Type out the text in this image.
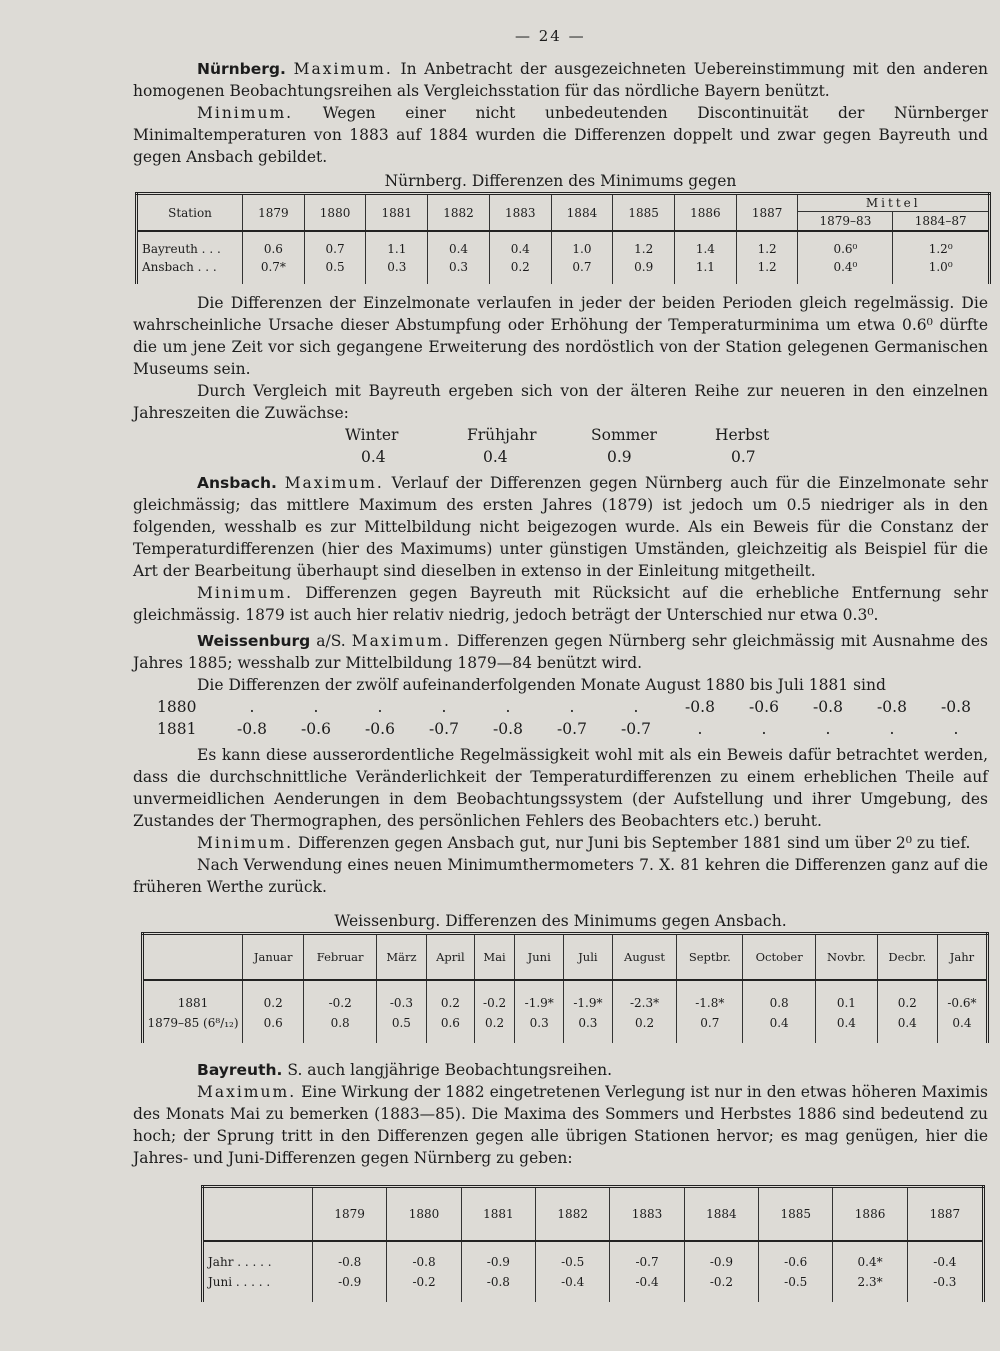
— 24 —

Nürnberg. Maximum. In Anbetracht der ausgezeichneten Uebereinstimmung mit den anderen homogenen Beobachtungsreihen als Vergleichsstation für das nördliche Bayern benützt.

Minimum. Wegen einer nicht unbedeutenden Discontinuität der Nürnberger Minimaltemperaturen von 1883 auf 1884 wurden die Differenzen doppelt und zwar gegen Bayreuth und gegen Ansbach gebildet.

Nürnberg. Differenzen des Minimums gegen
Station	1879	1880	1881	1882	1883	1884	1885	1886	1887	Mittel	
										1879–83	1884–87
Bayreuth . . .	0.6	0.7	1.1	0.4	0.4	1.0	1.2	1.4	1.2	0.6⁰	1.2⁰
Ansbach . . .	0.7*	0.5	0.3	0.3	0.2	0.7	0.9	1.1	1.2	0.4⁰	1.0⁰

Die Differenzen der Einzelmonate verlaufen in jeder der beiden Perioden gleich regelmässig. Die wahrscheinliche Ursache dieser Abstumpfung oder Erhöhung der Temperaturminima um etwa 0.6⁰ dürfte die um jene Zeit vor sich gegangene Erweiterung des nordöstlich von der Station gelegenen Germanischen Museums sein.

Durch Vergleich mit Bayreuth ergeben sich von der älteren Reihe zur neueren in den einzelnen Jahreszeiten die Zuwächse:

Winter	Frühjahr	Sommer	Herbst
0.4	0.4	0.9	0.7

Ansbach. Maximum. Verlauf der Differenzen gegen Nürnberg auch für die Einzelmonate sehr gleichmässig; das mittlere Maximum des ersten Jahres (1879) ist jedoch um 0.5 niedriger als in den folgenden, wesshalb es zur Mittelbildung nicht beigezogen wurde. Als ein Beweis für die Constanz der Temperaturdifferenzen (hier des Maximums) unter günstigen Umständen, gleichzeitig als Beispiel für die Art der Bearbeitung überhaupt sind dieselben in extenso in der Einleitung mitgetheilt.

Minimum. Differenzen gegen Bayreuth mit Rücksicht auf die erhebliche Entfernung sehr gleichmässig. 1879 ist auch hier relativ niedrig, jedoch beträgt der Unterschied nur etwa 0.3⁰.

Weissenburg a/S. Maximum. Differenzen gegen Nürnberg sehr gleichmässig mit Ausnahme des Jahres 1885; wesshalb zur Mittelbildung 1879—84 benützt wird.

Die Differenzen der zwölf aufeinanderfolgenden Monate August 1880 bis Juli 1881 sind

1880	.	.	.	.	.	.	.	-0.8	-0.6	-0.8	-0.8	-0.8
1881	-0.8	-0.6	-0.6	-0.7	-0.8	-0.7	-0.7	.	.	.	.	.

Es kann diese ausserordentliche Regelmässigkeit wohl mit als ein Beweis dafür betrachtet werden, dass die durchschnittliche Veränderlichkeit der Temperaturdifferenzen zu einem erheblichen Theile auf unvermeidlichen Aenderungen in dem Beobachtungssystem (der Aufstellung und ihrer Umgebung, des Zustandes der Thermographen, des persönlichen Fehlers des Beobachters etc.) beruht.

Minimum. Differenzen gegen Ansbach gut, nur Juni bis September 1881 sind um über 2⁰ zu tief.

Nach Verwendung eines neuen Minimumthermometers 7. X. 81 kehren die Differenzen ganz auf die früheren Werthe zurück.

Weissenburg. Differenzen des Minimums gegen Ansbach.
	Januar	Februar	März	April	Mai	Juni	Juli	August	Septbr.	October	Novbr.	Decbr.	Jahr
1881	0.2	-0.2	-0.3	0.2	-0.2	-1.9*	-1.9*	-2.3*	-1.8*	0.8	0.1	0.2	-0.6*
1879–85 (6⁸/₁₂)	0.6	0.8	0.5	0.6	0.2	0.3	0.3	0.2	0.7	0.4	0.4	0.4	0.4

Bayreuth. S. auch langjährige Beobachtungsreihen.

Maximum. Eine Wirkung der 1882 eingetretenen Verlegung ist nur in den etwas höheren Maximis des Monats Mai zu bemerken (1883—85). Die Maxima des Sommers und Herbstes 1886 sind bedeutend zu hoch; der Sprung tritt in den Differenzen gegen alle übrigen Stationen hervor; es mag genügen, hier die Jahres- und Juni-Differenzen gegen Nürnberg zu geben:

	1879	1880	1881	1882	1883	1884	1885	1886	1887
Jahr . . . . .	-0.8	-0.8	-0.9	-0.5	-0.7	-0.9	-0.6	0.4*	-0.4
Juni . . . . .	-0.9	-0.2	-0.8	-0.4	-0.4	-0.2	-0.5	2.3*	-0.3
